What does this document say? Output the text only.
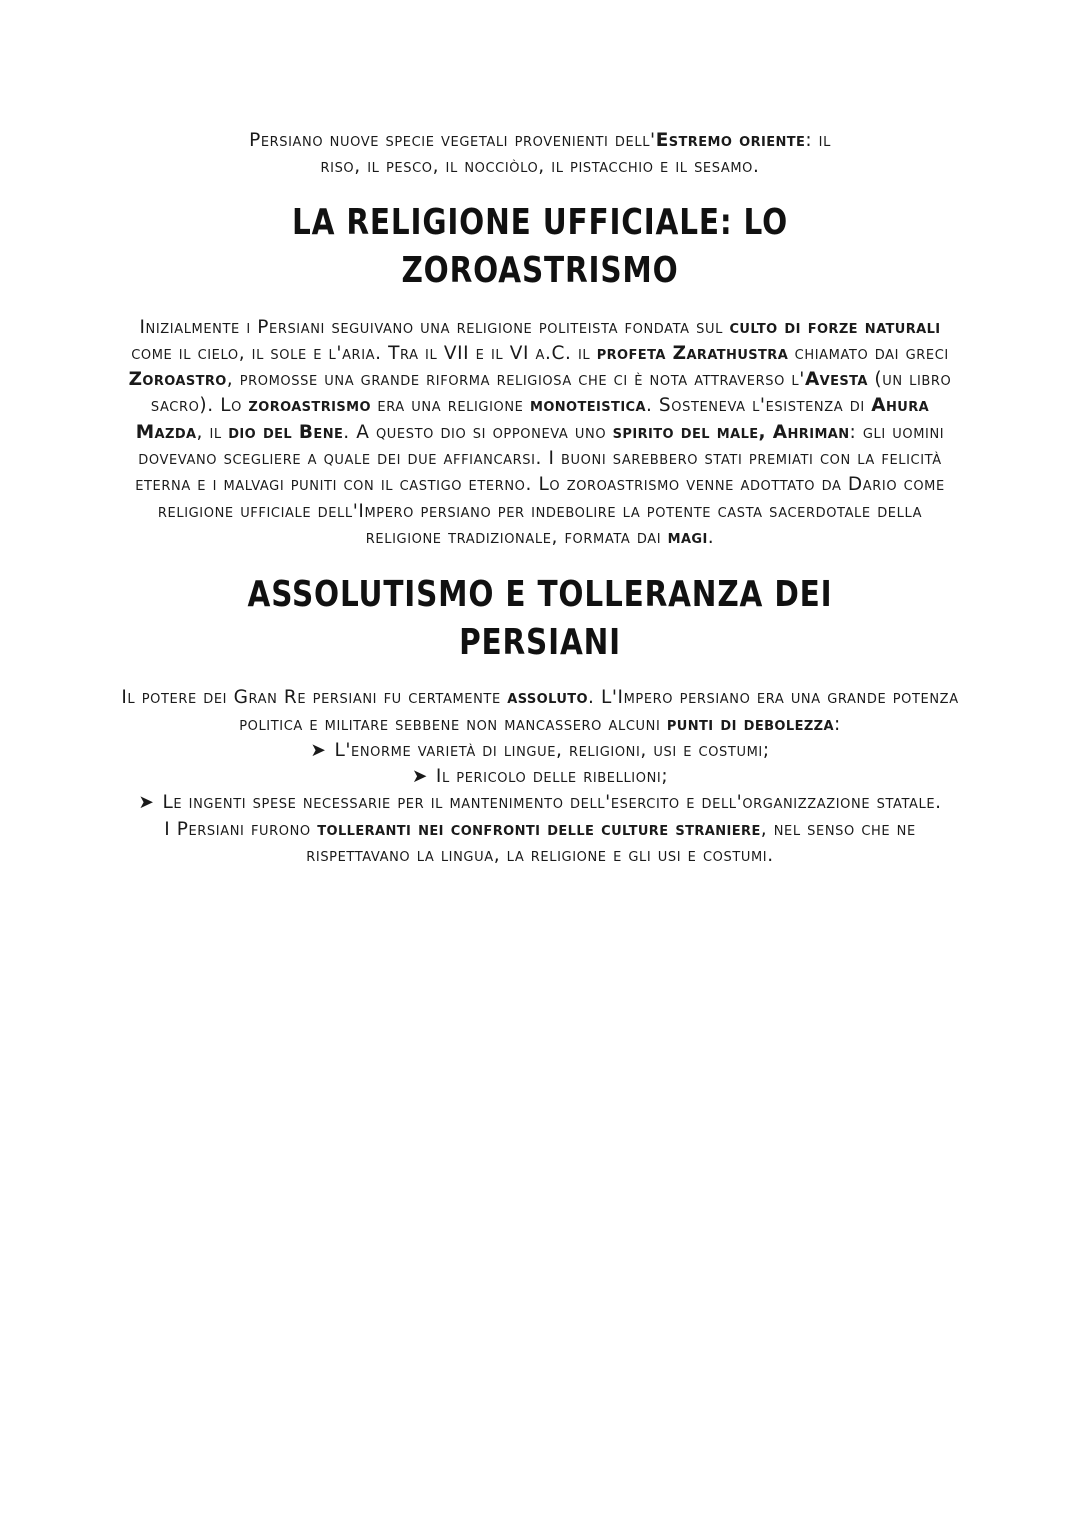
Persiano nuove specie vegetali provenienti dell'Estremo oriente: il
riso, il pesco, il nocciòlo, il pistacchio e il sesamo.

LA RELIGIONE UFFICIALE: LO ZOROASTRISMO

Inizialmente i Persiani seguivano una religione politeista fondata sul culto di forze naturali come il cielo, il sole e l'aria. Tra il VII e il VI a.C. il profeta Zarathustra chiamato dai greci Zoroastro, promosse una grande riforma religiosa che ci è nota attraverso l'Avesta (un libro sacro). Lo zoroastrismo era una religione monoteistica. Sosteneva l'esistenza di Ahura Mazda, il dio del Bene. A questo dio si opponeva uno spirito del male, Ahriman: gli uomini dovevano scegliere a quale dei due affiancarsi. I buoni sarebbero stati premiati con la felicità eterna e i malvagi puniti con il castigo eterno. Lo zoroastrismo venne adottato da Dario come religione ufficiale dell'Impero persiano per indebolire la potente casta sacerdotale della religione tradizionale, formata dai magi.

ASSOLUTISMO E TOLLERANZA DEI PERSIANI

Il potere dei Gran Re persiani fu certamente assoluto. L'Impero persiano era una grande potenza politica e militare sebbene non mancassero alcuni punti di debolezza:
➤ L'enorme varietà di lingue, religioni, usi e costumi;
➤ Il pericolo delle ribellioni;
➤ Le ingenti spese necessarie per il mantenimento dell'esercito e dell'organizzazione statale.
I Persiani furono tolleranti nei confronti delle culture straniere, nel senso che ne rispettavano la lingua, la religione e gli usi e costumi.
